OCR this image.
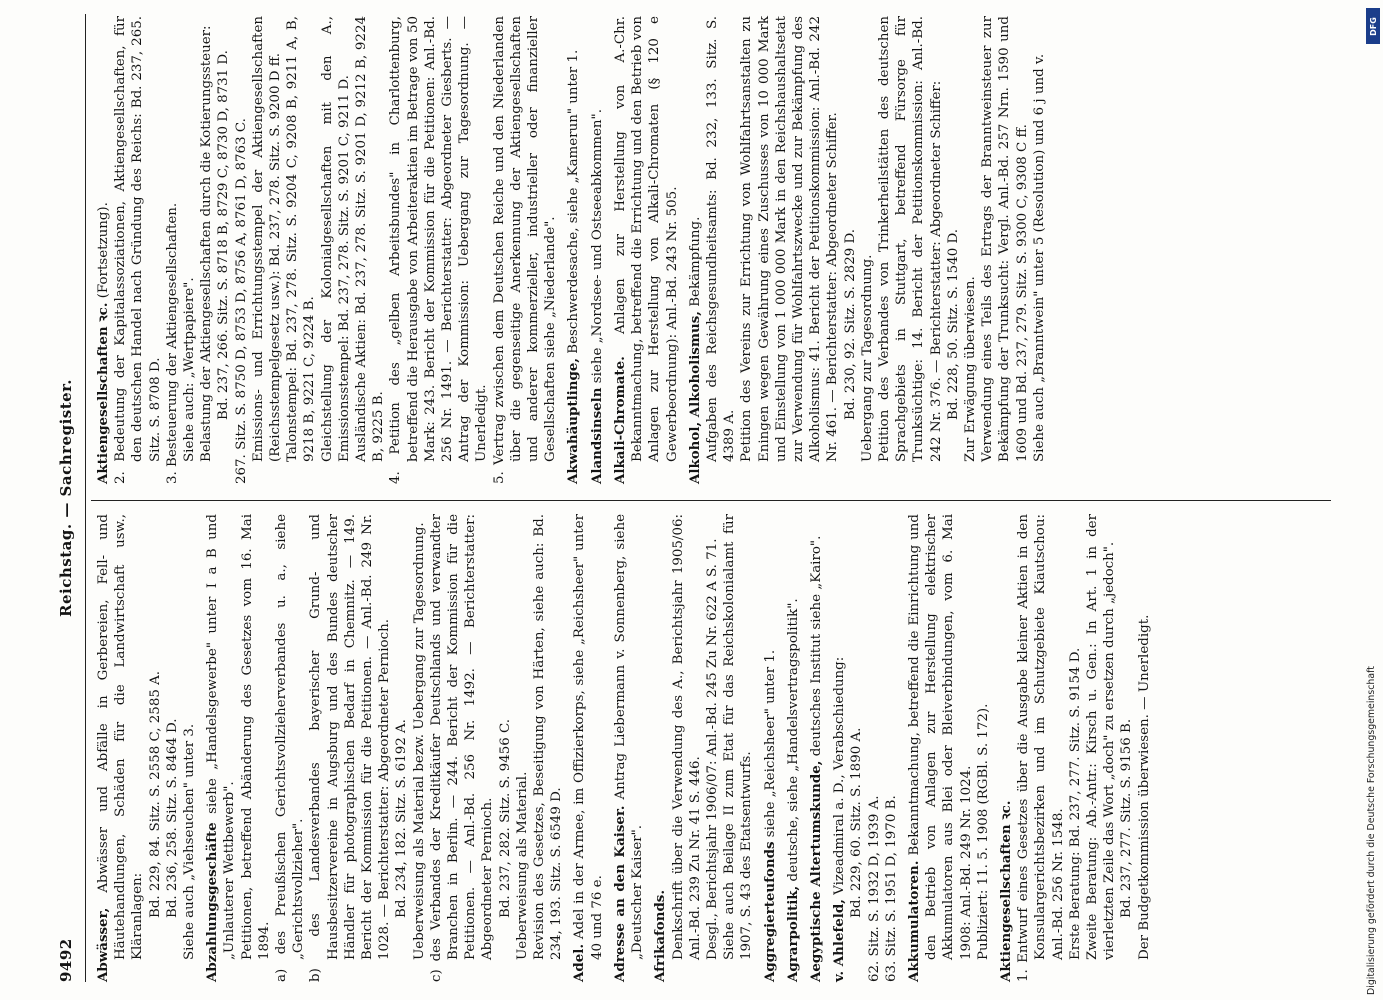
9492
Reichstag. — Sachregister.

Abwässer, Abwässer und Abfälle in Gerbereien, Fell- und Häutehandlungen, Schäden für die Landwirtschaft usw., Kläranlagen: Bd. 229, 84. Sitz. S. 2558 C, 2585 A. Bd. 236, 258. Sitz. S. 8464 D. Siehe auch „Viehseuchen" unter 3. Abzahlungsgeschäfte siehe „Handelsgewerbe" unter I a B und „Unlauterer Wettbewerb". Petitionen, betreffend Abänderung des Gesetzes vom 16. Mai 1894. a) des Preußischen Gerichtsvollzieherverbandes u. a., siehe „Gerichtsvollzieher". b) des Landesverbandes bayerischer Grund- und Hausbesitzervereine in Augsburg und des Bundes deutscher Händler für photographischen Bedarf in Chemnitz. — 149. Bericht der Kommission für die Petitionen. — Anl.-Bd. 249 Nr. 1028. — Berichterstatter: Abgeordneter Pernioch. Bd. 234, 182. Sitz. S. 6192 A. Ueberweisung als Material bezw. Uebergang zur Tagesordnung. c) des Verbandes der Kreditkäufer Deutschlands und verwandter Branchen in Berlin. — 244. Bericht der Kommission für die Petitionen. — Anl.-Bd. 256 Nr. 1492. — Berichterstatter: Abgeordneter Pernioch. Bd. 237, 282. Sitz. S. 9456 C. Ueberweisung als Material. Revision des Gesetzes, Beseitigung von Härten, siehe auch: Bd. 234, 193. Sitz. S. 6549 D.

Adel. Adel in der Armee, im Offizierkorps, siehe „Reichsheer" unter 40 und 76 e. Adresse an den Kaiser. Antrag Liebermann v. Sonnenberg, siehe „Deutscher Kaiser". Afrikafonds. Denkschrift über die Verwendung des A., Berichtsjahr 1905/06: Anl.-Bd. 239 Zu Nr. 41 S. 446. Desgl., Berichtsjahr 1906/07: Anl.-Bd. 245 Zu Nr. 622 A S. 71. Siehe auch Beilage II zum Etat für das Reichskolonialamt für 1907, S. 43 des Etatsentwurfs. Aggregierteufonds siehe „Reichsheer" unter 1.

Agrarpolitik, deutsche, siehe „Handelsvertragspolitik". Aegyptische Altertumskunde, deutsches Institut siehe „Kairo".

v. Ahlefeld, Vizeadmiral a. D., Verabschiedung: Bd. 229, 60. Sitz. S. 1890 A. 62. Sitz. S. 1932 D, 1939 A. 63. Sitz. S. 1951 D, 1970 B. Akkumulatoren. Bekanntmachung, betreffend die Einrichtung und den Betrieb von Anlagen zur Herstellung elektrischer Akkumulatoren aus Blei oder Bleiverbindungen, vom 6. Mai 1908: Anl.-Bd. 249 Nr. 1024. Publiziert: 11. 5. 1908 (RGBl. S. 172). Aktiengesellschaften ꝛc. 1. Entwurf eines Gesetzes über die Ausgabe kleiner Aktien in den Konsulargerichtsbezirken und im Schutzgebiete Kiautschou: Anl.-Bd. 256 Nr. 1548. Erste Beratung: Bd. 237, 277. Sitz. S. 9154 D. Zweite Beratung: Ab.-Antr.: Kirsch u. Gen.: In Art. 1 in der vierletzten Zeile das Wort „doch" zu ersetzen durch „jedoch". Bd. 237, 277. Sitz. S. 9156 B. Der Budgetkommission überwiesen. — Unerledigt.

Aktiengesellschaften ꝛc. (Fortsetzung). 2. Bedeutung der Kapitalassoziationen, Aktiengesellschaften, für den deutschen Handel nach Gründung des Reichs: Bd. 237, 265. Sitz. S. 8708 D. 3. Besteuerung der Aktiengesellschaften. Siehe auch: „Wertpapiere". Belastung der Aktiengesellschaften durch die Kotierungssteuer: Bd. 237, 266. Sitz. S. 8718 B, 8729 C, 8730 D, 8731 D. 267. Sitz. S. 8750 D, 8753 D, 8756 A, 8761 D, 8763 C. Emissions- und Errichtungsstempel der Aktiengesellschaften (Reichsstempelgesetz usw.): Bd. 237, 278. Sitz. S. 9200 D ff. Talonstempel: Bd. 237, 278. Sitz. S. 9204 C, 9208 B, 9211 A, B, 9218 B, 9221 C, 9224 B. Gleichstellung der Kolonialgesellschaften mit den A., Emissionsstempel: Bd. 237, 278. Sitz. S. 9201 C, 9211 D. Ausländische Aktien: Bd. 237, 278. Sitz. S. 9201 D, 9212 B, 9224 B, 9225 B. 4. Petition des „gelben Arbeitsbundes" in Charlottenburg, betreffend die Herausgabe von Arbeiteraktien im Betrage von 50 Mark: 243. Bericht der Kommission für die Petitionen: Anl.-Bd. 256 Nr. 1491. — Berichterstatter: Abgeordneter Giesberts. — Antrag der Kommission: Uebergang zur Tagesordnung. — Unerledigt. 5. Vertrag zwischen dem Deutschen Reiche und den Niederlanden über die gegenseitige Anerkennung der Aktiengesellschaften und anderer kommerzieller, industrieller oder finanzieller Gesellschaften siehe „Niederlande". Akwahäuptlinge, Beschwerdesache, siehe „Kamerun" unter 1.

Alandsinseln siehe „Nordsee- und Ostseeabkommen".

Alkali-Chromate. Anlagen zur Herstellung von A.-Chr. Bekanntmachung, betreffend die Errichtung und den Betrieb von Anlagen zur Herstellung von Alkali-Chromaten (§ 120 e Gewerbeordnung): Anl.-Bd. 243 Nr. 505. Alkohol, Alkoholismus, Bekämpfung. Aufgaben des Reichsgesundheitsamts: Bd. 232, 133. Sitz. S. 4389 A. Petition des Vereins zur Errichtung von Wohlfahrtsanstalten zu Eningen wegen Gewährung eines Zuschusses von 10 000 Mark und Einstellung von 1 000 000 Mark in den Reichshaushaltsetat zur Verwendung für Wohlfahrtszwecke und zur Bekämpfung des Alkoholismus: 41. Bericht der Petitionskommission: Anl.-Bd. 242 Nr. 461. — Berichterstatter: Abgeordneter Schiffer. Bd. 230, 92. Sitz. S. 2829 D. Uebergang zur Tagesordnung. Petition des Verbandes von Trinkerheilstätten des deutschen Sprachgebiets in Stuttgart, betreffend Fürsorge für Trunksüchtige: 14. Bericht der Petitionskommission: Anl.-Bd. 242 Nr. 376. — Berichterstatter: Abgeordneter Schiffer: Bd. 228, 50. Sitz. S. 1540 D. Zur Erwägung überwiesen. Verwendung eines Teils des Ertrags der Branntweinsteuer zur Bekämpfung der Trunksucht: Vergl. Anl.-Bd. 257 Nrn. 1590 und 1609 und Bd. 237, 279. Sitz. S. 9300 C, 9308 C ff. Siehe auch „Branntwein" unter 5 (Resolution) und 6 j und v.

DFG
Digitalisierung gefördert durch die Deutsche Forschungsgemeinschaft
